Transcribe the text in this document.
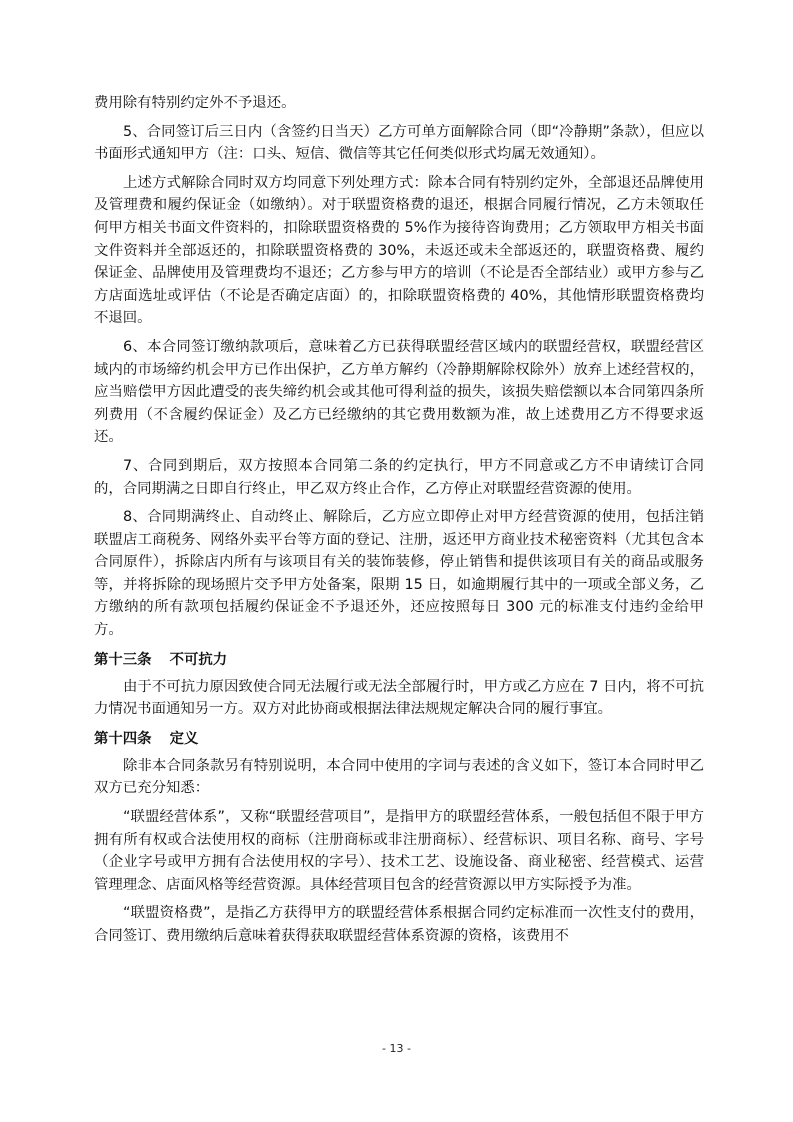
费用除有特别约定外不予退还。

5、合同签订后三日内（含签约日当天）乙方可单方面解除合同（即“冷静期”条款），但应以书面形式通知甲方（注：口头、短信、微信等其它任何类似形式均属无效通知）。

上述方式解除合同时双方均同意下列处理方式：除本合同有特别约定外，全部退还品牌使用及管理费和履约保证金（如缴纳）。对于联盟资格费的退还，根据合同履行情况，乙方未领取任何甲方相关书面文件资料的，扣除联盟资格费的 5%作为接待咨询费用；乙方领取甲方相关书面文件资料并全部返还的，扣除联盟资格费的 30%，未返还或未全部返还的，联盟资格费、履约保证金、品牌使用及管理费均不退还；乙方参与甲方的培训（不论是否全部结业）或甲方参与乙方店面选址或评估（不论是否确定店面）的，扣除联盟资格费的 40%，其他情形联盟资格费均不退回。

6、本合同签订缴纳款项后，意味着乙方已获得联盟经营区域内的联盟经营权，联盟经营区域内的市场缔约机会甲方已作出保护，乙方单方解约（冷静期解除权除外）放弃上述经营权的，应当赔偿甲方因此遭受的丧失缔约机会或其他可得利益的损失，该损失赔偿额以本合同第四条所列费用（不含履约保证金）及乙方已经缴纳的其它费用数额为准，故上述费用乙方不得要求返还。

7、合同到期后，双方按照本合同第二条的约定执行，甲方不同意或乙方不申请续订合同的，合同期满之日即自行终止，甲乙双方终止合作，乙方停止对联盟经营资源的使用。

8、合同期满终止、自动终止、解除后，乙方应立即停止对甲方经营资源的使用，包括注销联盟店工商税务、网络外卖平台等方面的登记、注册，返还甲方商业技术秘密资料（尤其包含本合同原件），拆除店内所有与该项目有关的装饰装修，停止销售和提供该项目有关的商品或服务等，并将拆除的现场照片交予甲方处备案，限期 15 日，如逾期履行其中的一项或全部义务，乙方缴纳的所有款项包括履约保证金不予退还外，还应按照每日 300 元的标准支付违约金给甲方。

第十三条 不可抗力

由于不可抗力原因致使合同无法履行或无法全部履行时，甲方或乙方应在 7 日内，将不可抗力情况书面通知另一方。双方对此协商或根据法律法规规定解决合同的履行事宜。

第十四条 定义

除非本合同条款另有特别说明，本合同中使用的字词与表述的含义如下，签订本合同时甲乙双方已充分知悉：

“联盟经营体系”，又称“联盟经营项目”，是指甲方的联盟经营体系，一般包括但不限于甲方拥有所有权或合法使用权的商标（注册商标或非注册商标）、经营标识、项目名称、商号、字号（企业字号或甲方拥有合法使用权的字号）、技术工艺、设施设备、商业秘密、经营模式、运营管理理念、店面风格等经营资源。具体经营项目包含的经营资源以甲方实际授予为准。

“联盟资格费”，是指乙方获得甲方的联盟经营体系根据合同约定标准而一次性支付的费用，合同签订、费用缴纳后意味着获得获取联盟经营体系资源的资格，该费用不

- 13 -
